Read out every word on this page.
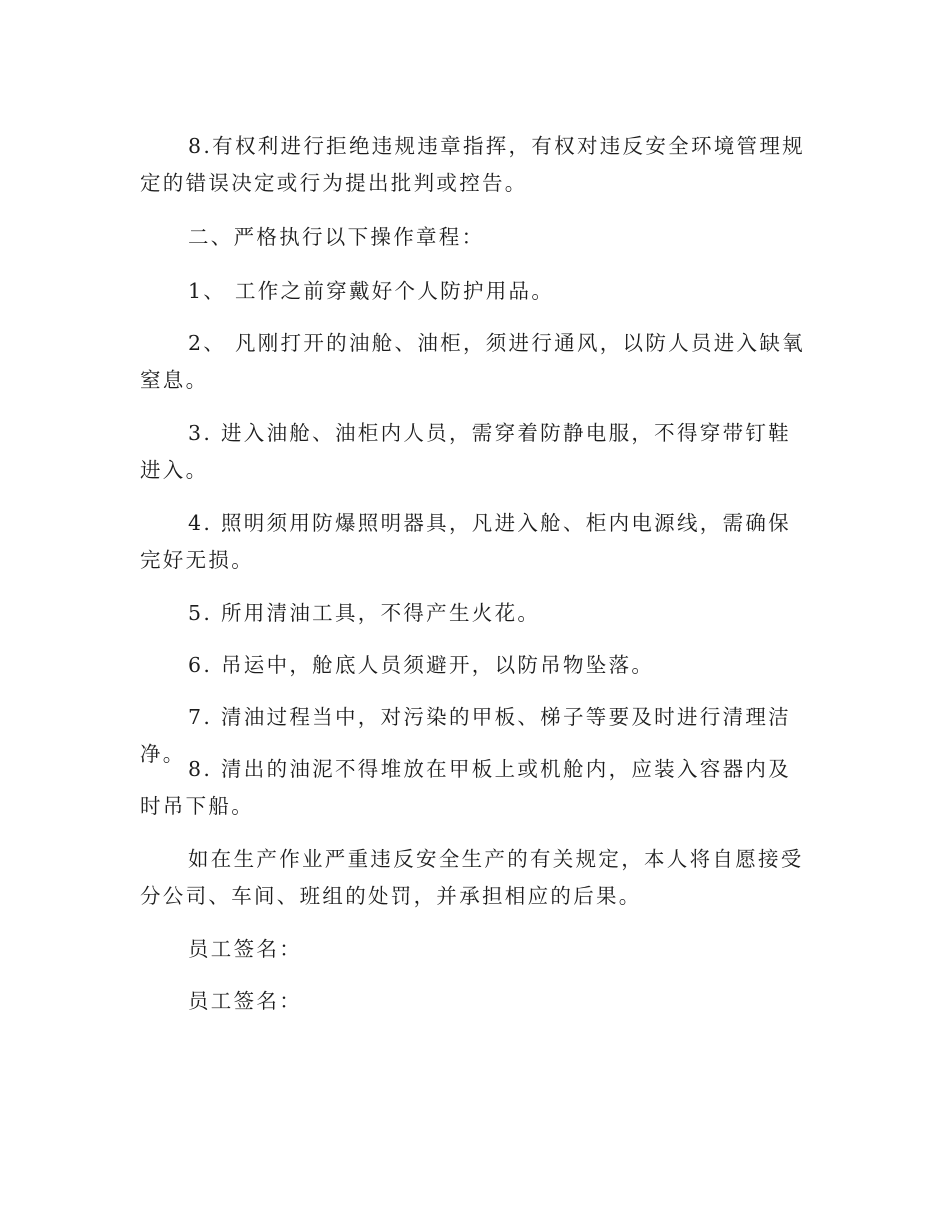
8.有权利进行拒绝违规违章指挥，有权对违反安全环境管理规定的错误决定或行为提出批判或控告。

二、严格执行以下操作章程：

1、 工作之前穿戴好个人防护用品。

2、 凡刚打开的油舱、油柜，须进行通风，以防人员进入缺氧窒息。

3. 进入油舱、油柜内人员，需穿着防静电服，不得穿带钉鞋进入。

4. 照明须用防爆照明器具，凡进入舱、柜内电源线，需确保完好无损。

5. 所用清油工具，不得产生火花。

6. 吊运中，舱底人员须避开，以防吊物坠落。

7. 清油过程当中，对污染的甲板、梯子等要及时进行清理洁净。

8. 清出的油泥不得堆放在甲板上或机舱内，应装入容器内及时吊下船。

如在生产作业严重违反安全生产的有关规定，本人将自愿接受分公司、车间、班组的处罚，并承担相应的后果。

员工签名：

员工签名：
